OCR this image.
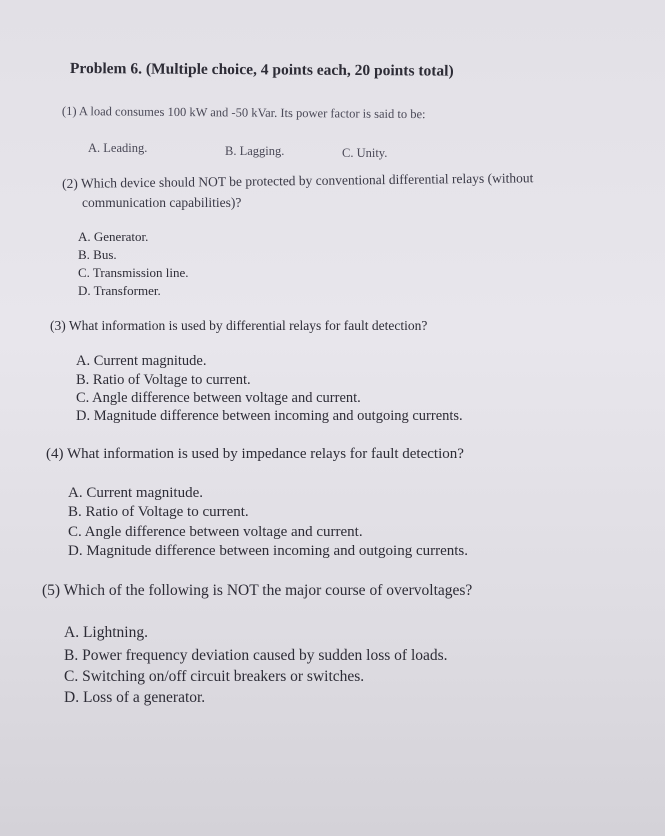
Problem 6. (Multiple choice, 4 points each, 20 points total)

(1) A load consumes 100 kW and -50 kVar. Its power factor is said to be:

A. Leading.	B. Lagging.	C. Unity.

(2) Which device should NOT be protected by conventional differential relays (without

communication capabilities)?

A. Generator.

B. Bus.

C. Transmission line.

D. Transformer.

(3) What information is used by differential relays for fault detection?

A. Current magnitude.

B. Ratio of Voltage to current.

C. Angle difference between voltage and current.

D. Magnitude difference between incoming and outgoing currents.

(4) What information is used by impedance relays for fault detection?

A. Current magnitude.

B. Ratio of Voltage to current.

C. Angle difference between voltage and current.

D. Magnitude difference between incoming and outgoing currents.

(5) Which of the following is NOT the major course of overvoltages?

A. Lightning.

B. Power frequency deviation caused by sudden loss of loads.

C. Switching on/off circuit breakers or switches.

D. Loss of a generator.
